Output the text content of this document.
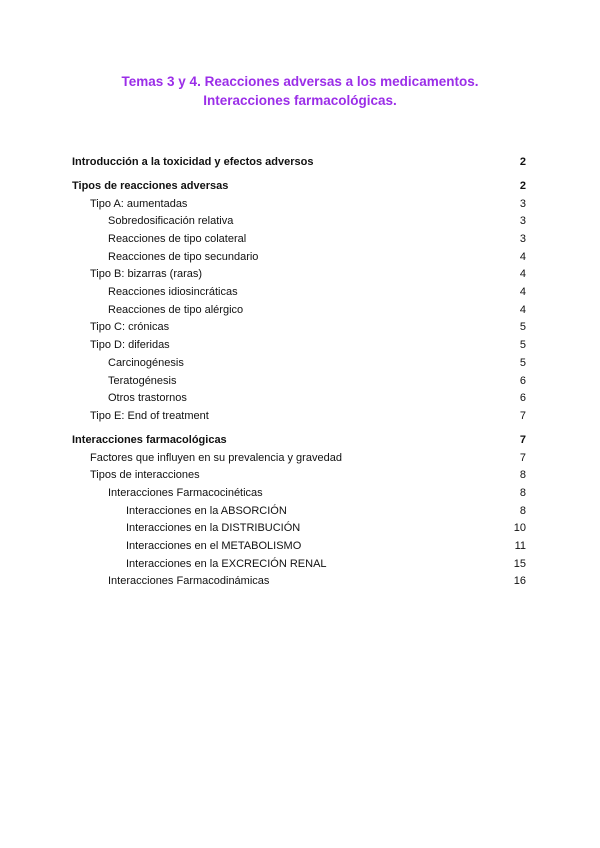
Temas 3 y 4. Reacciones adversas a los medicamentos.
Interacciones farmacológicas.
Introducción a la toxicidad y efectos adversos	2
Tipos de reacciones adversas	2
Tipo A: aumentadas	3
Sobredosificación relativa	3
Reacciones de tipo colateral	3
Reacciones de tipo secundario	4
Tipo B: bizarras (raras)	4
Reacciones idiosincráticas	4
Reacciones de tipo alérgico	4
Tipo C: crónicas	5
Tipo D: diferidas	5
Carcinogénesis	5
Teratogénesis	6
Otros trastornos	6
Tipo E: End of treatment	7
Interacciones farmacológicas	7
Factores que influyen en su prevalencia y gravedad	7
Tipos de interacciones	8
Interacciones Farmacocinéticas	8
Interacciones en la ABSORCIÓN	8
Interacciones en la DISTRIBUCIÓN	10
Interacciones en el METABOLISMO	11
Interacciones en la EXCRECIÓN RENAL	15
Interacciones Farmacodinámicas	16
